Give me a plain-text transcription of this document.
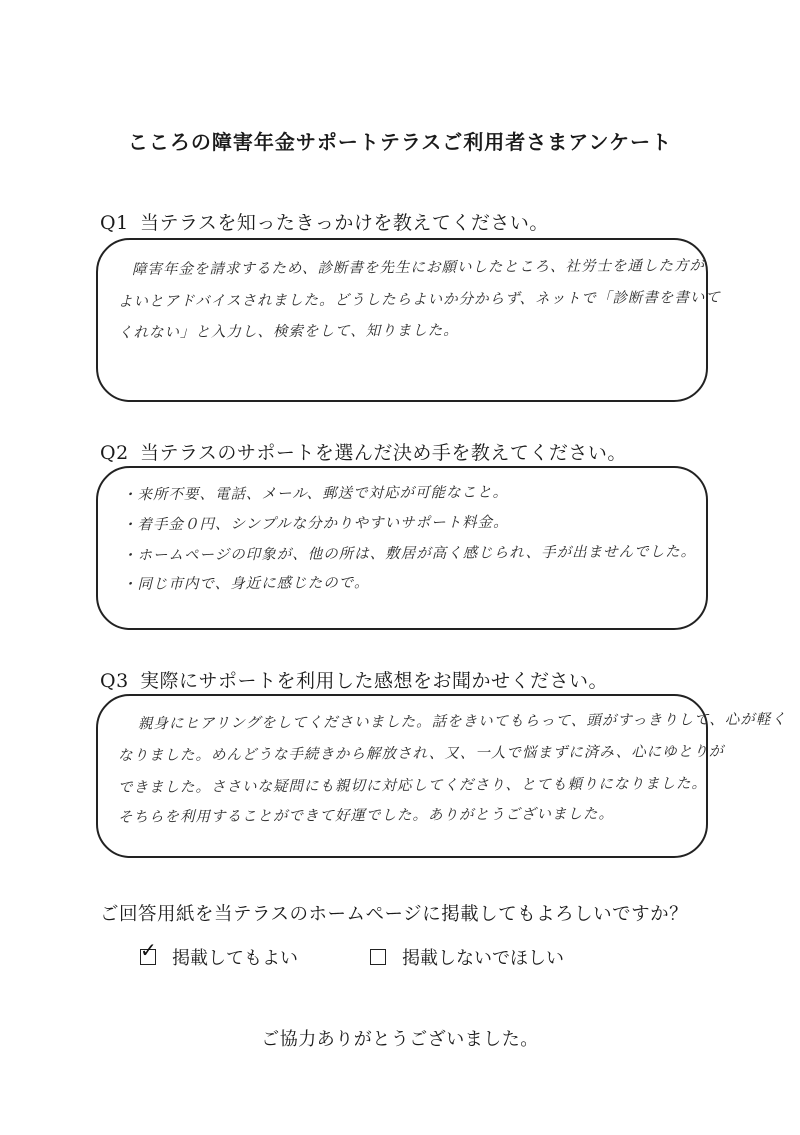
こころの障害年金サポートテラスご利用者さまアンケート
Q1 当テラスを知ったきっかけを教えてください。
障害年金を請求するため、診断書を先生にお願いしたところ、社労士を通した方が
よいとアドバイスされました。どうしたらよいか分からず、ネットで「診断書を書いて
くれない」と入力し、検索をして、知りました。
Q2 当テラスのサポートを選んだ決め手を教えてください。
・来所不要、電話、メール、郵送で対応が可能なこと。
・着手金０円、シンプルな分かりやすいサポート料金。
・ホームページの印象が、他の所は、敷居が高く感じられ、手が出ませんでした。
・同じ市内で、身近に感じたので。
Q3 実際にサポートを利用した感想をお聞かせください。
親身にヒアリングをしてくださいました。話をきいてもらって、頭がすっきりして、心が軽く
なりました。めんどうな手続きから解放され、又、一人で悩まずに済み、心にゆとりが
できました。ささいな疑問にも親切に対応してくださり、とても頼りになりました。
そちらを利用することができて好運でした。ありがとうございました。
ご回答用紙を当テラスのホームページに掲載してもよろしいですか？
✓ 掲載してもよい	掲載しないでほしい
ご協力ありがとうございました。
